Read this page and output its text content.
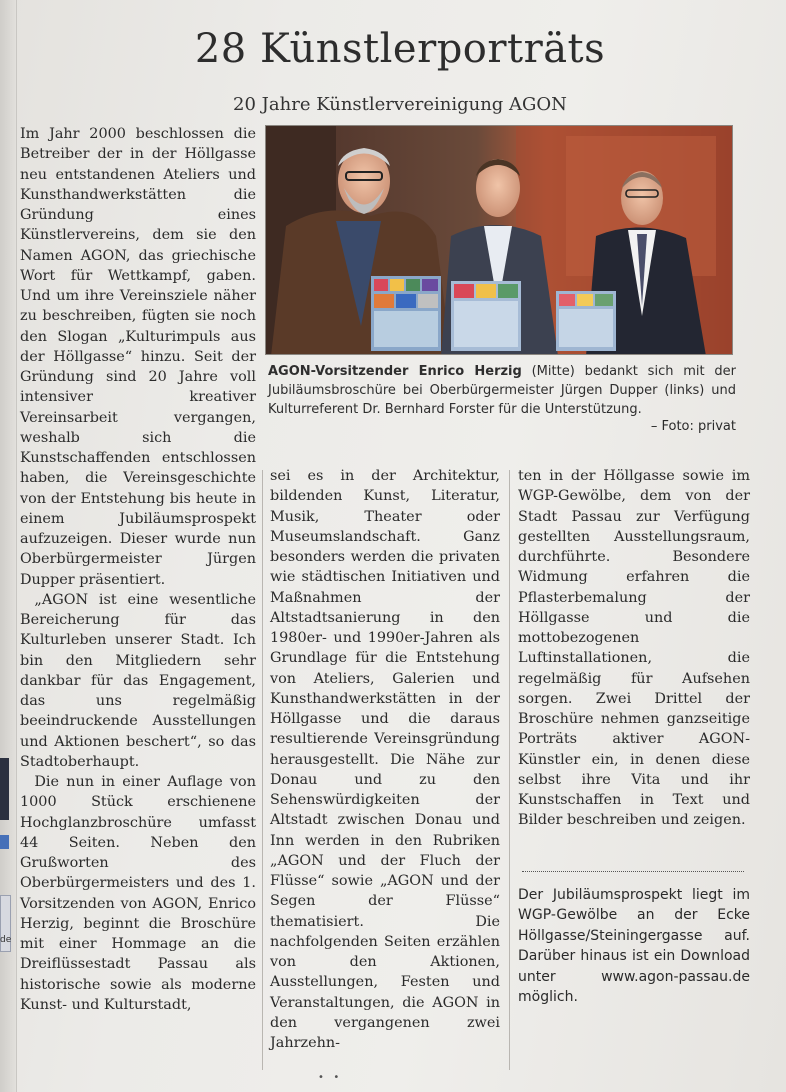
de
28 Künstlerporträts
20 Jahre Künstlervereinigung AGON

Im Jahr 2000 beschlossen die Betreiber der in der Höllgasse neu entstandenen Ateliers und Kunsthandwerkstätten die Gründung eines Künstlervereins, dem sie den Namen AGON, das griechische Wort für Wettkampf, gaben. Und um ihre Vereinsziele näher zu beschreiben, fügten sie noch den Slogan „Kulturimpuls aus der Höllgasse“ hinzu. Seit der Gründung sind 20 Jahre voll intensiver kreativer Vereinsarbeit vergangen, weshalb sich die Kunstschaffenden entschlossen haben, die Vereinsgeschichte von der Entstehung bis heute in einem Jubiläumsprospekt aufzuzeigen. Dieser wurde nun Oberbürgermeister Jürgen Dupper präsentiert.

„AGON ist eine wesentliche Bereicherung für das Kulturleben unserer Stadt. Ich bin den Mitgliedern sehr dankbar für das Engagement, das uns regelmäßig beeindruckende Ausstellungen und Aktionen beschert“, so das Stadtoberhaupt.

Die nun in einer Auflage von 1000 Stück erschienene Hochglanzbroschüre umfasst 44 Seiten. Neben den Grußworten des Oberbürgermeisters und des 1. Vorsitzenden von AGON, Enrico Herzig, beginnt die Broschüre mit einer Hommage an die Dreiflüssestadt Passau als historische sowie als moderne Kunst- und Kulturstadt,

AGON-Vorsitzender Enrico Herzig (Mitte) bedankt sich mit der Jubiläumsbroschüre bei Oberbürgermeister Jürgen Dupper (links) und Kulturreferent Dr. Bernhard Forster für die Unterstützung.
– Foto: privat

sei es in der Architektur, bildenden Kunst, Literatur, Musik, Theater oder Museumslandschaft. Ganz besonders werden die privaten wie städtischen Initiativen und Maßnahmen der Altstadtsanierung in den 1980er- und 1990er-Jahren als Grundlage für die Entstehung von Ateliers, Galerien und Kunsthandwerkstätten in der Höllgasse und die daraus resultierende Vereinsgründung herausgestellt. Die Nähe zur Donau und zu den Sehenswürdigkeiten der Altstadt zwischen Donau und Inn werden in den Rubriken „AGON und der Fluch der Flüsse“ sowie „AGON und der Segen der Flüsse“ thematisiert. Die nachfolgenden Seiten erzählen von den Aktionen, Ausstellungen, Festen und Veranstaltungen, die AGON in den vergangenen zwei Jahrzehn-

ten in der Höllgasse sowie im WGP-Gewölbe, dem von der Stadt Passau zur Verfügung gestellten Ausstellungsraum, durchführte. Besondere Widmung erfahren die Pflasterbemalung der Höllgasse und die mottobezogenen Luftinstallationen, die regelmäßig für Aufsehen sorgen. Zwei Drittel der Broschüre nehmen ganzseitige Porträts aktiver AGON-Künstler ein, in denen diese selbst ihre Vita und ihr Kunstschaffen in Text und Bilder beschreiben und zeigen.

Der Jubiläumsprospekt liegt im WGP-Gewölbe an der Ecke Höllgasse/Steiningergasse auf. Darüber hinaus ist ein Download unter www.agon-passau.de möglich.
•   •
